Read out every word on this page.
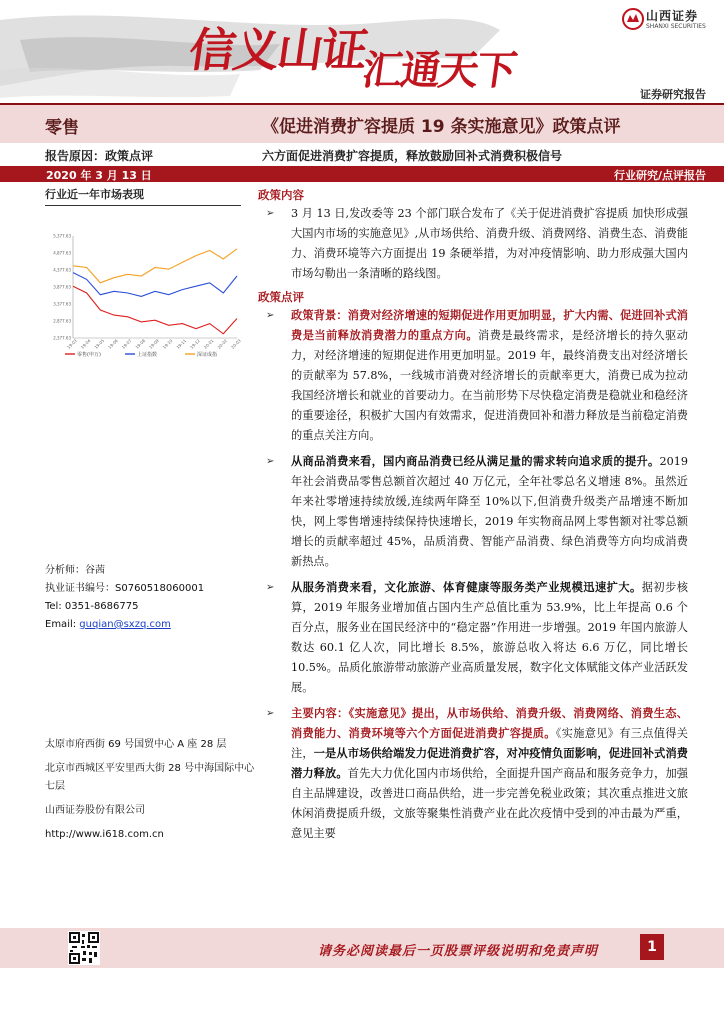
信义山证汇通天下
山西证券
SHANXI SECURITIES
证券研究报告
零售	《促进消费扩容提质 19 条实施意见》政策点评
报告原因：政策点评	六方面促进消费扩容提质，释放鼓励回补式消费积极信号
2020 年 3 月 13 日	行业研究/点评报告
行业近一年市场表现
2,377.63
2,877.63
3,377.63
3,877.63
4,377.63
4,877.63
5,377.63
19-03 19-04 19-05 19-06 19-07 19-08 19-09 19-10 19-11 19-12 20-01 20-02 20-03
零售(申万)	上证指数	深证成指
分析师：谷茜
执业证书编号：S0760518060001
Tel: 0351-8686775
Email: guqian@sxzq.com
太原市府西街 69 号国贸中心 A 座 28 层
北京市西城区平安里西大街 28 号中海国际中心七层
山西证券股份有限公司
http://www.i618.com.cn
政策内容
➢ 3 月 13 日,发改委等 23 个部门联合发布了《关于促进消费扩容提质 加快形成强大国内市场的实施意见》,从市场供给、消费升级、消费网络、消费生态、消费能力、消费环境等六方面提出 19 条硬举措，为对冲疫情影响、助力形成强大国内市场勾勒出一条清晰的路线图。
政策点评
➢ 政策背景：消费对经济增速的短期促进作用更加明显，扩大内需、促进回补式消费是当前释放消费潜力的重点方向。消费是最终需求，是经济增长的持久驱动力，对经济增速的短期促进作用更加明显。2019 年，最终消费支出对经济增长的贡献率为 57.8%，一线城市消费对经济增长的贡献率更大，消费已成为拉动我国经济增长和就业的首要动力。在当前形势下尽快稳定消费是稳就业和稳经济的重要途径，积极扩大国内有效需求，促进消费回补和潜力释放是当前稳定消费的重点关注方向。
➢ 从商品消费来看，国内商品消费已经从满足量的需求转向追求质的提升。2019 年社会消费品零售总额首次超过 40 万亿元，全年社零总名义增速 8%。虽然近年来社零增速持续放缓,连续两年降至 10%以下,但消费升级类产品增速不断加快，网上零售增速持续保持快速增长，2019 年实物商品网上零售额对社零总额增长的贡献率超过 45%，品质消费、智能产品消费、绿色消费等方向均成消费新热点。
➢ 从服务消费来看，文化旅游、体育健康等服务类产业规模迅速扩大。据初步核算，2019 年服务业增加值占国内生产总值比重为 53.9%，比上年提高 0.6 个百分点，服务业在国民经济中的“稳定器”作用进一步增强。2019 年国内旅游人数达 60.1 亿人次，同比增长 8.5%，旅游总收入将达 6.6 万亿，同比增长 10.5%。品质化旅游带动旅游产业高质量发展，数字化文体赋能文体产业活跃发展。
➢ 主要内容：《实施意见》提出，从市场供给、消费升级、消费网络、消费生态、消费能力、消费环境等六个方面促进消费扩容提质。《实施意见》有三点值得关注，一是从市场供给端发力促进消费扩容，对冲疫情负面影响，促进回补式消费潜力释放。首先大力优化国内市场供给，全面提升国产商品和服务竞争力，加强自主品牌建设，改善进口商品供给，进一步完善免税业政策；其次重点推进文旅休闲消费提质升级，文旅等聚集性消费产业在此次疫情中受到的冲击最为严重，意见主要
请务必阅读最后一页股票评级说明和免责声明	1
